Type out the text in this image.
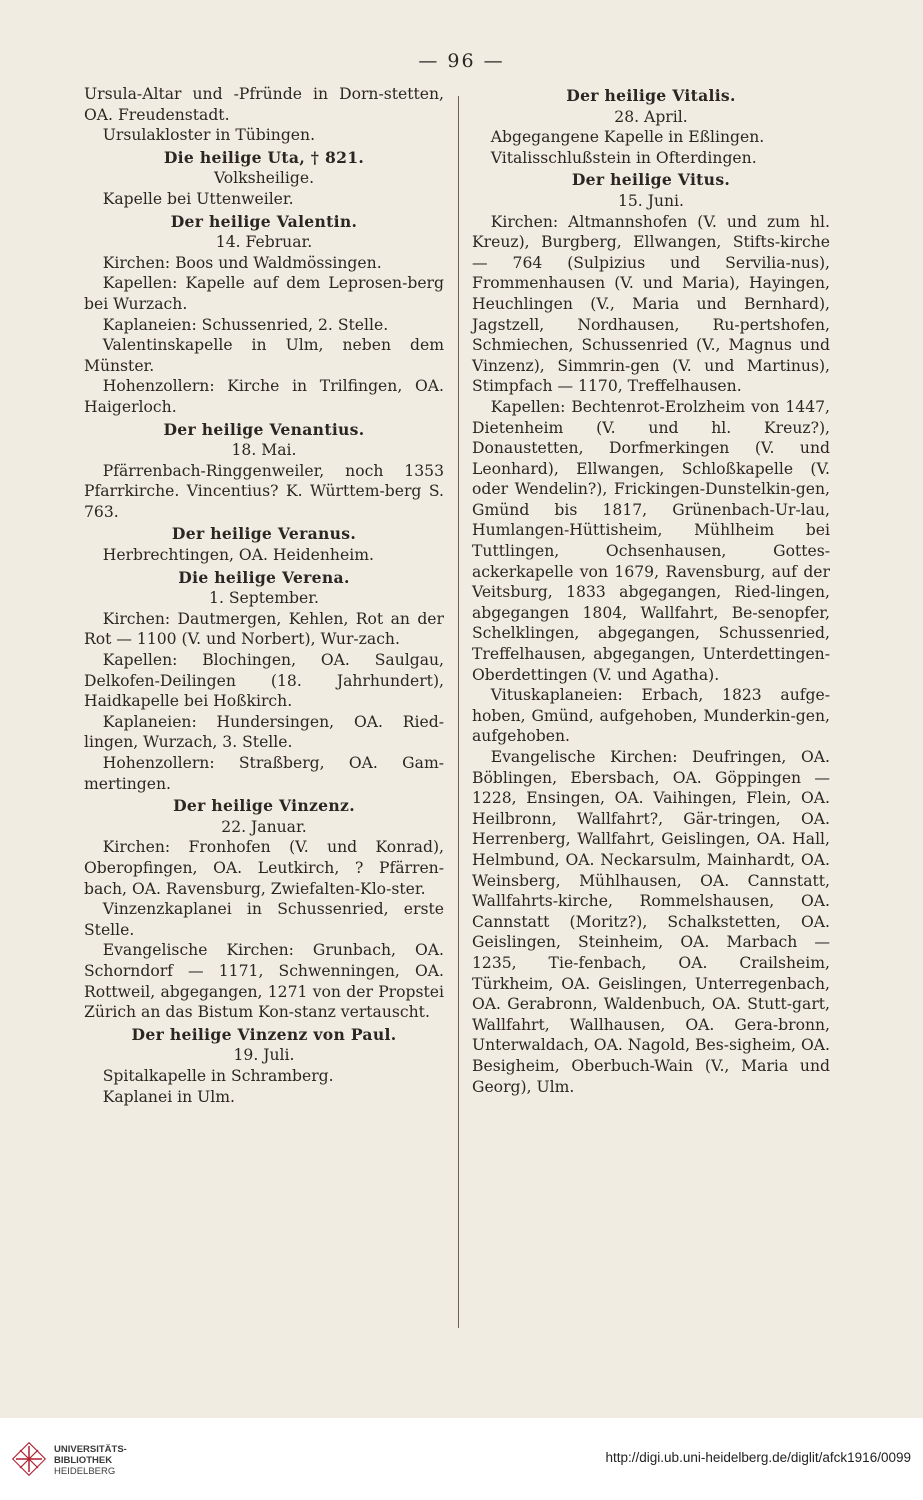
— 96 —

Ursula-Altar und -Pfründe in Dorn-stetten, OA. Freudenstadt.

Ursulakloster in Tübingen.

Die heilige Uta, † 821.

Volksheilige.

Kapelle bei Uttenweiler.

Der heilige Valentin.

14. Februar.

Kirchen: Boos und Waldmössingen.

Kapellen: Kapelle auf dem Leprosen-berg bei Wurzach.

Kaplaneien: Schussenried, 2. Stelle.

Valentinskapelle in Ulm, neben dem Münster.

Hohenzollern: Kirche in Trilfingen, OA. Haigerloch.

Der heilige Venantius.

18. Mai.

Pfärrenbach-Ringgenweiler, noch 1353 Pfarrkirche. Vincentius? K. Württem-berg S. 763.

Der heilige Veranus.

Herbrechtingen, OA. Heidenheim.

Die heilige Verena.

1. September.

Kirchen: Dautmergen, Kehlen, Rot an der Rot — 1100 (V. und Norbert), Wur-zach.

Kapellen: Blochingen, OA. Saulgau, Delkofen-Deilingen (18. Jahrhundert), Haidkapelle bei Hoßkirch.

Kaplaneien: Hundersingen, OA. Ried-lingen, Wurzach, 3. Stelle.

Hohenzollern: Straßberg, OA. Gam-mertingen.

Der heilige Vinzenz.

22. Januar.

Kirchen: Fronhofen (V. und Konrad), Oberopfingen, OA. Leutkirch, ? Pfärren-bach, OA. Ravensburg, Zwiefalten-Klo-ster.

Vinzenzkaplanei in Schussenried, erste Stelle.

Evangelische Kirchen: Grunbach, OA. Schorndorf — 1171, Schwenningen, OA. Rottweil, abgegangen, 1271 von der Propstei Zürich an das Bistum Kon-stanz vertauscht.

Der heilige Vinzenz von Paul.

19. Juli.

Spitalkapelle in Schramberg.

Kaplanei in Ulm.

Der heilige Vitalis.

28. April.

Abgegangene Kapelle in Eßlingen.

Vitalisschlußstein in Ofterdingen.

Der heilige Vitus.

15. Juni.

Kirchen: Altmannshofen (V. und zum hl. Kreuz), Burgberg, Ellwangen, Stifts-kirche — 764 (Sulpizius und Servilia-nus), Frommenhausen (V. und Maria), Hayingen, Heuchlingen (V., Maria und Bernhard), Jagstzell, Nordhausen, Ru-pertshofen, Schmiechen, Schussenried (V., Magnus und Vinzenz), Simmrin-gen (V. und Martinus), Stimpfach — 1170, Treffelhausen.

Kapellen: Bechtenrot-Erolzheim von 1447, Dietenheim (V. und hl. Kreuz?), Donaustetten, Dorfmerkingen (V. und Leonhard), Ellwangen, Schloßkapelle (V. oder Wendelin?), Frickingen-Dunstelkin-gen, Gmünd bis 1817, Grünenbach-Ur-lau, Humlangen-Hüttisheim, Mühlheim bei Tuttlingen, Ochsenhausen, Gottes-ackerkapelle von 1679, Ravensburg, auf der Veitsburg, 1833 abgegangen, Ried-lingen, abgegangen 1804, Wallfahrt, Be-senopfer, Schelklingen, abgegangen, Schussenried, Treffelhausen, abgegangen, Unterdettingen-Oberdettingen (V. und Agatha).

Vituskaplaneien: Erbach, 1823 aufge-hoben, Gmünd, aufgehoben, Munderkin-gen, aufgehoben.

Evangelische Kirchen: Deufringen, OA. Böblingen, Ebersbach, OA. Göppingen — 1228, Ensingen, OA. Vaihingen, Flein, OA. Heilbronn, Wallfahrt?, Gär-tringen, OA. Herrenberg, Wallfahrt, Geislingen, OA. Hall, Helmbund, OA. Neckarsulm, Mainhardt, OA. Weinsberg, Mühlhausen, OA. Cannstatt, Wallfahrts-kirche, Rommelshausen, OA. Cannstatt (Moritz?), Schalkstetten, OA. Geislingen, Steinheim, OA. Marbach — 1235, Tie-fenbach, OA. Crailsheim, Türkheim, OA. Geislingen, Unterregenbach, OA. Gerabronn, Waldenbuch, OA. Stutt-gart, Wallfahrt, Wallhausen, OA. Gera-bronn, Unterwaldach, OA. Nagold, Bes-sigheim, OA. Besigheim, Oberbuch-Wain (V., Maria und Georg), Ulm.

UNIVERSITÄTS-
BIBLIOTHEK
HEIDELBERG
http://digi.ub.uni-heidelberg.de/diglit/afck1916/0099
